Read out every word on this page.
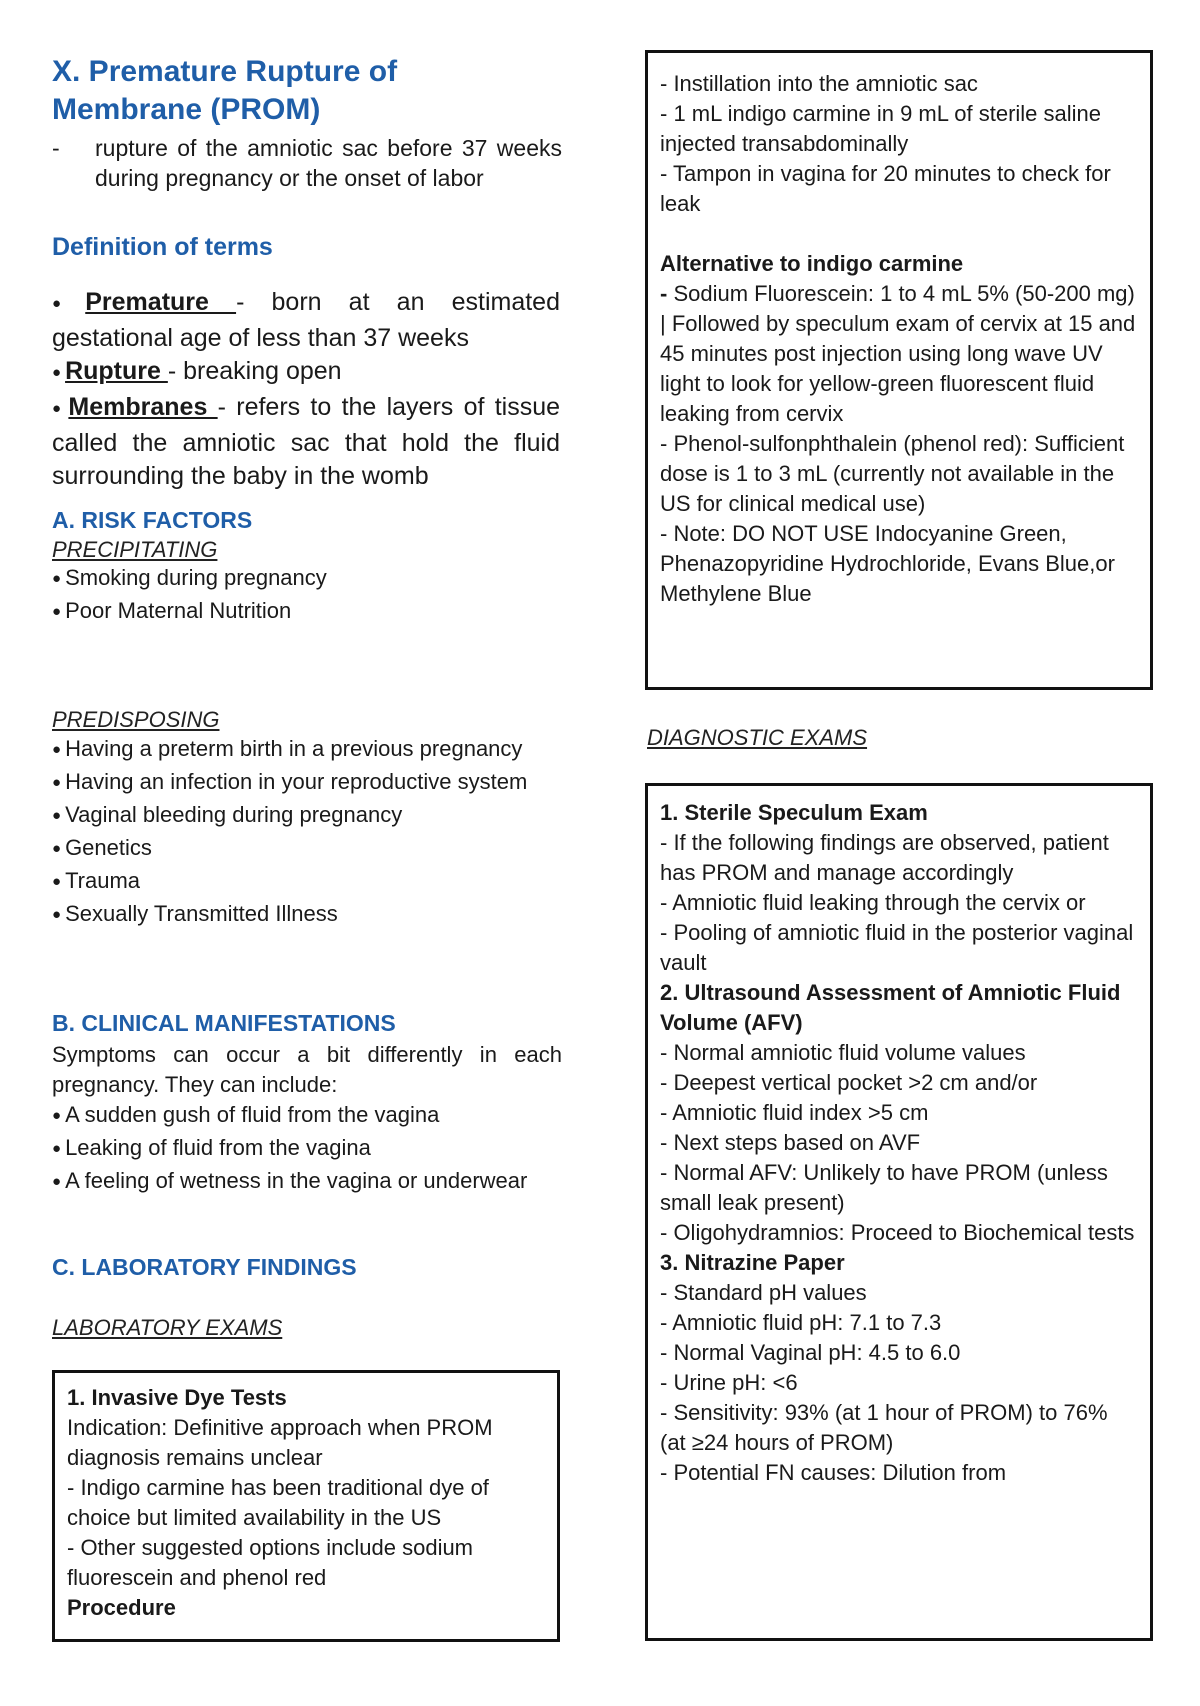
X. Premature Rupture of
Membrane (PROM)
- rupture of the amniotic sac before 37 weeks during pregnancy or the onset of labor
Definition of terms
● Premature - born at an estimated gestational age of less than 37 weeks
● Rupture - breaking open
● Membranes - refers to the layers of tissue called the amniotic sac that hold the fluid surrounding the baby in the womb
A. RISK FACTORS
PRECIPITATING
● Smoking during pregnancy
● Poor Maternal Nutrition
PREDISPOSING
● Having a preterm birth in a previous pregnancy
● Having an infection in your reproductive system
● Vaginal bleeding during pregnancy
● Genetics
● Trauma
● Sexually Transmitted Illness
B. CLINICAL MANIFESTATIONS
Symptoms can occur a bit differently in each pregnancy. They can include:
● A sudden gush of fluid from the vagina
● Leaking of fluid from the vagina
● A feeling of wetness in the vagina or underwear
C. LABORATORY FINDINGS
LABORATORY EXAMS
1. Invasive Dye Tests
Indication: Definitive approach when PROM diagnosis remains unclear
- Indigo carmine has been traditional dye of choice but limited availability in the US
- Other suggested options include sodium fluorescein and phenol red
Procedure
- Instillation into the amniotic sac
- 1 mL indigo carmine in 9 mL of sterile saline injected transabdominally
- Tampon in vagina for 20 minutes to check for leak
Alternative to indigo carmine
- Sodium Fluorescein: 1 to 4 mL 5% (50-200 mg) | Followed by speculum exam of cervix at 15 and 45 minutes post injection using long wave UV light to look for yellow-green fluorescent fluid leaking from cervix
- Phenol-sulfonphthalein (phenol red): Sufficient dose is 1 to 3 mL (currently not available in the US for clinical medical use)
- Note: DO NOT USE Indocyanine Green, Phenazopyridine Hydrochloride, Evans Blue,or Methylene Blue
DIAGNOSTIC EXAMS
1. Sterile Speculum Exam
- If the following findings are observed, patient has PROM and manage accordingly
- Amniotic fluid leaking through the cervix or
- Pooling of amniotic fluid in the posterior vaginal vault
2. Ultrasound Assessment of Amniotic Fluid Volume (AFV)
- Normal amniotic fluid volume values
- Deepest vertical pocket >2 cm and/or
- Amniotic fluid index >5 cm
- Next steps based on AVF
- Normal AFV: Unlikely to have PROM (unless small leak present)
- Oligohydramnios: Proceed to Biochemical tests
3. Nitrazine Paper
- Standard pH values
- Amniotic fluid pH: 7.1 to 7.3
- Normal Vaginal pH: 4.5 to 6.0
- Urine pH: <6
- Sensitivity: 93% (at 1 hour of PROM) to 76%
(at ≥24 hours of PROM)
- Potential FN causes: Dilution from
